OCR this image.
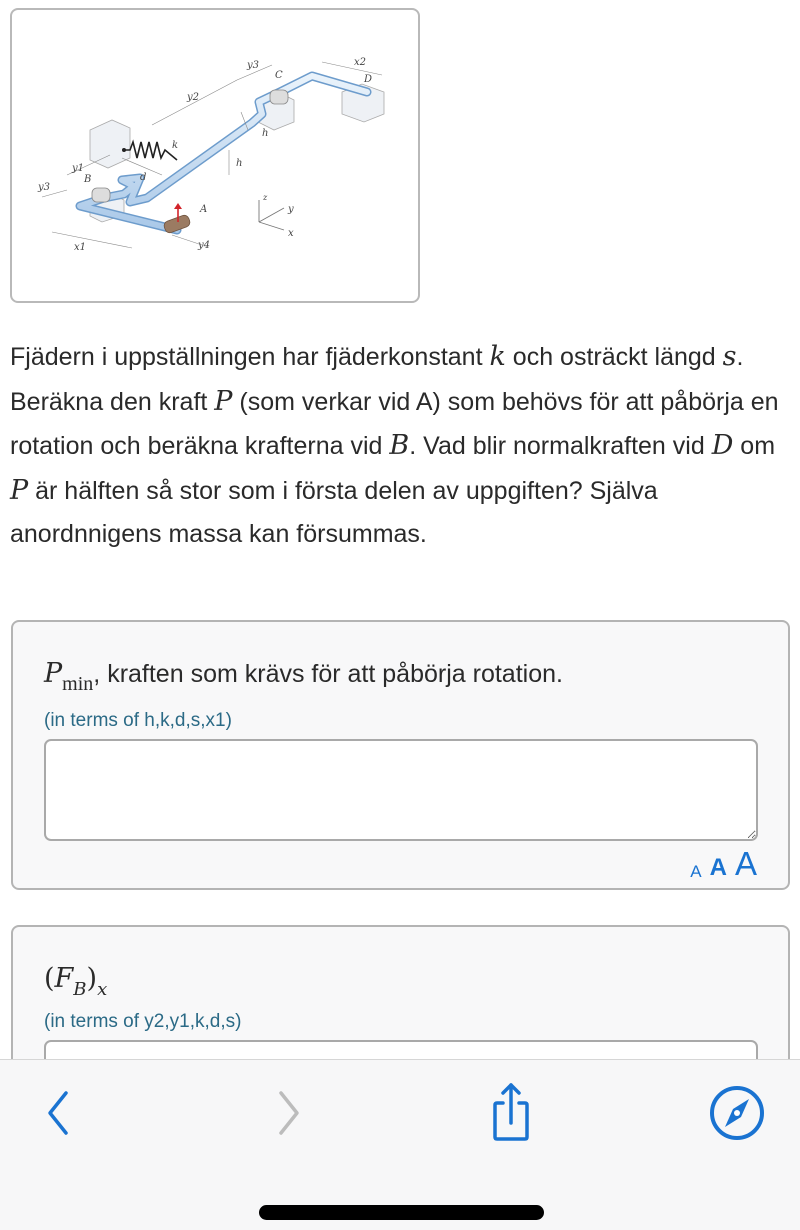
y3
y1
y2
y3
y4
x1
x2
k
d
h
h
A
B
C	D
z
y
x
Fjädern i uppställningen har fjäderkonstant k och osträckt längd s. Beräkna den kraft P (som verkar vid A) som behövs för att påbörja en rotation och beräkna krafterna vid B. Vad blir normalkraften vid D om P är hälften så stor som i första delen av uppgiften? Själva anordnnigens massa kan försummas.
$P_{min}$, kraften som krävs för att påbörja rotation.
(in terms of h,k,d,s,x1)
A A A
$(F_B)_x$
(in terms of y2,y1,k,d,s)
